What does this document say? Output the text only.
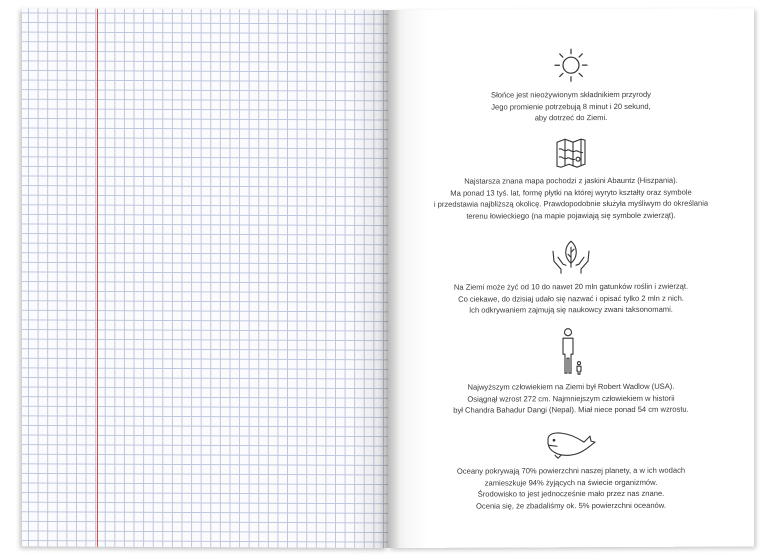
Słońce jest nieożywionym składnikiem przyrody
Jego promienie potrzebują 8 minut i 20 sekund,
aby dotrzeć do Ziemi.
Najstarsza znana mapa pochodzi z jaskini Abauntz (Hiszpania).
Ma ponad 13 tyś. lat, formę płytki na której wyryto kształty oraz symbole
i przedstawia najbliższą okolicę. Prawdopodobnie służyła myśliwym do określania
terenu łowieckiego (na mapie pojawiają się symbole zwierząt).
Na Ziemi może żyć od 10 do nawet 20 mln gatunków roślin i zwierząt.
Co ciekawe, do dzisiaj udało się nazwać i opisać tylko 2 mln z nich.
Ich odkrywaniem zajmują się naukowcy zwani taksonomami.
Najwyższym człowiekiem na Ziemi był Robert Wadlow (USA).
Osiągnął wzrost 272 cm. Najmniejszym człowiekiem w historii
był Chandra Bahadur Dangi (Nepal). Miał niece ponad 54 cm wzrostu.
Oceany pokrywają 70% powierzchni naszej planety, a w ich wodach
zamieszkuje 94% żyjących na świecie organizmów.
Środowisko to jest jednocześnie mało przez nas znane.
Ocenia się, że zbadaliśmy ok. 5% powierzchni oceanów.
